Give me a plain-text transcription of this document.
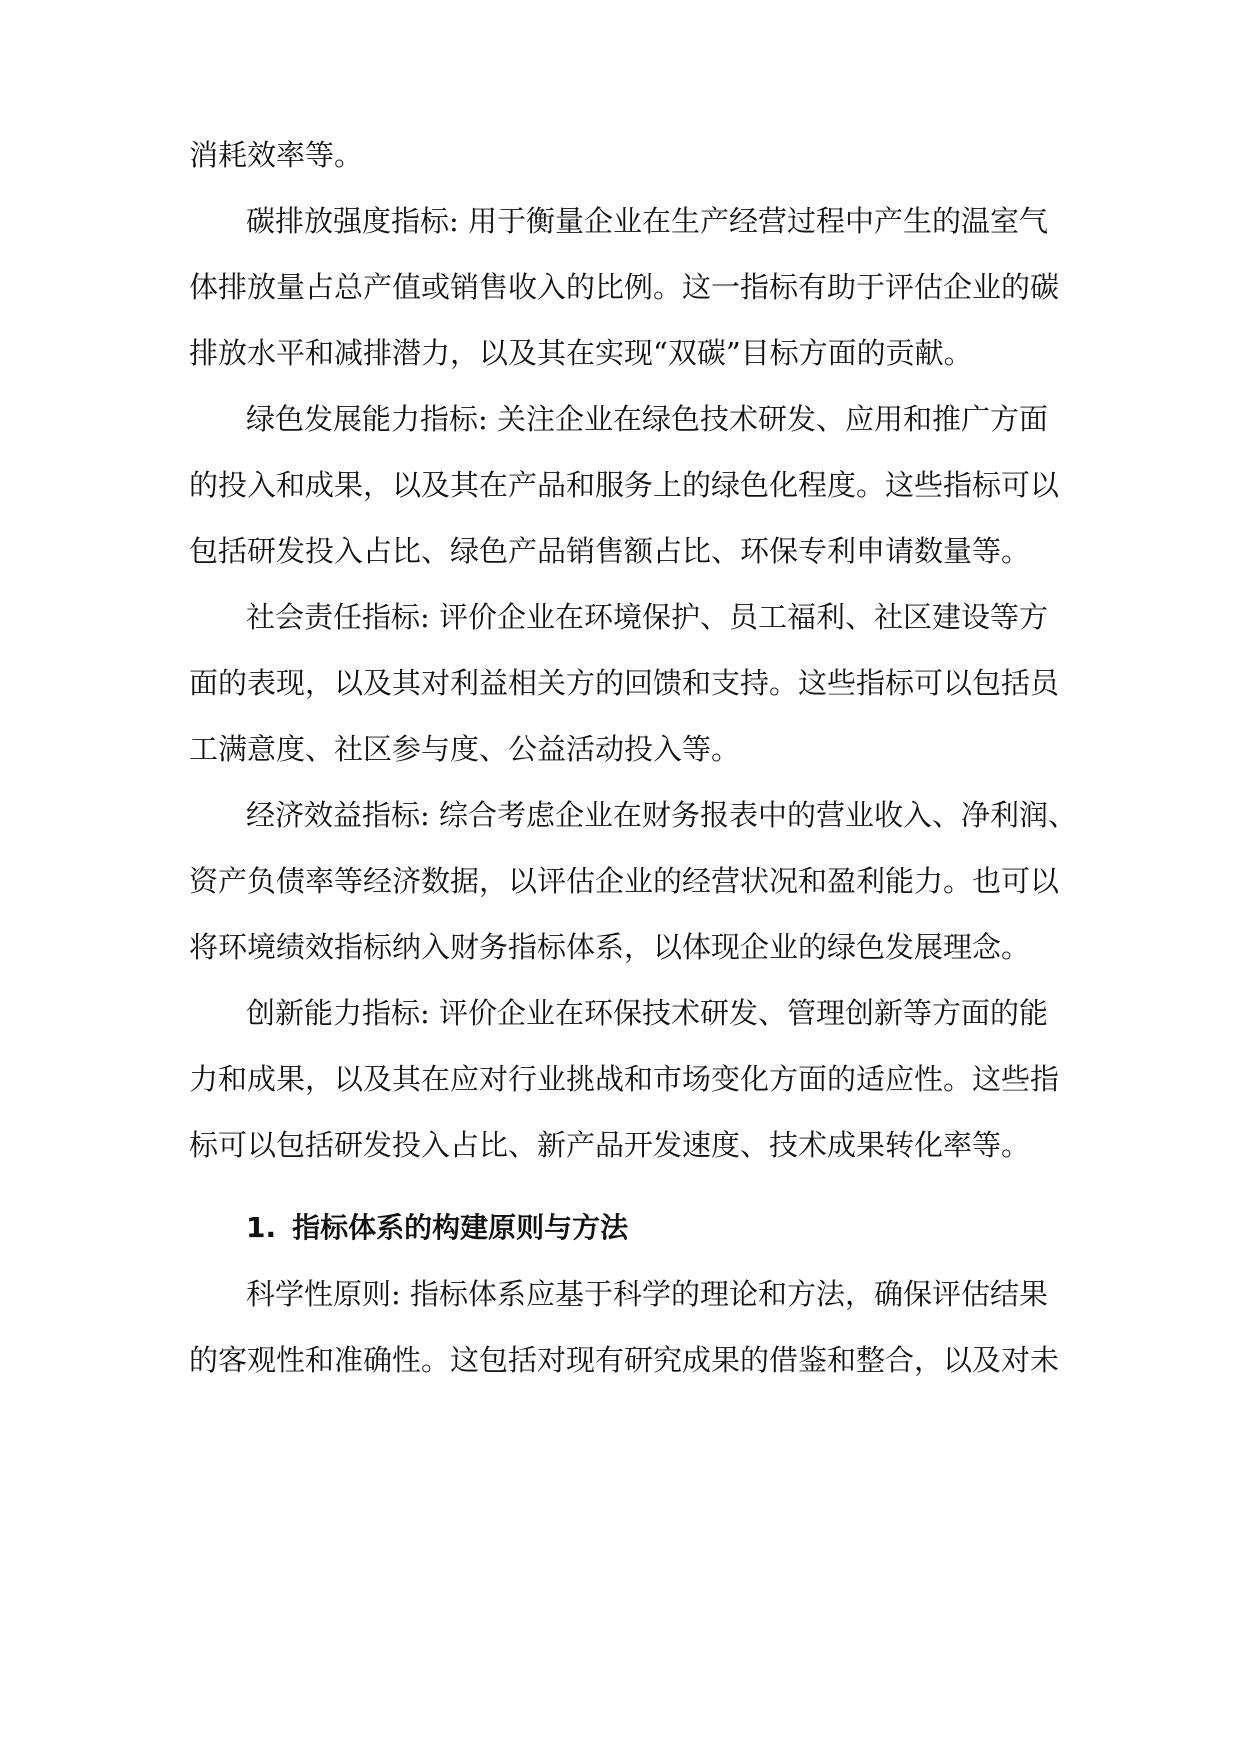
消耗效率等。
碳排放强度指标: 用于衡量企业在生产经营过程中产生的温室气
体排放量占总产值或销售收入的比例。这一指标有助于评估企业的碳
排放水平和减排潜力，以及其在实现“双碳”目标方面的贡献。
绿色发展能力指标: 关注企业在绿色技术研发、应用和推广方面
的投入和成果，以及其在产品和服务上的绿色化程度。这些指标可以
包括研发投入占比、绿色产品销售额占比、环保专利申请数量等。
社会责任指标: 评价企业在环境保护、员工福利、社区建设等方
面的表现，以及其对利益相关方的回馈和支持。这些指标可以包括员
工满意度、社区参与度、公益活动投入等。
经济效益指标: 综合考虑企业在财务报表中的营业收入、净利润、
资产负债率等经济数据，以评估企业的经营状况和盈利能力。也可以
将环境绩效指标纳入财务指标体系，以体现企业的绿色发展理念。
创新能力指标: 评价企业在环保技术研发、管理创新等方面的能
力和成果，以及其在应对行业挑战和市场变化方面的适应性。这些指
标可以包括研发投入占比、新产品开发速度、技术成果转化率等。
1. 指标体系的构建原则与方法
科学性原则: 指标体系应基于科学的理论和方法，确保评估结果
的客观性和准确性。这包括对现有研究成果的借鉴和整合，以及对未
